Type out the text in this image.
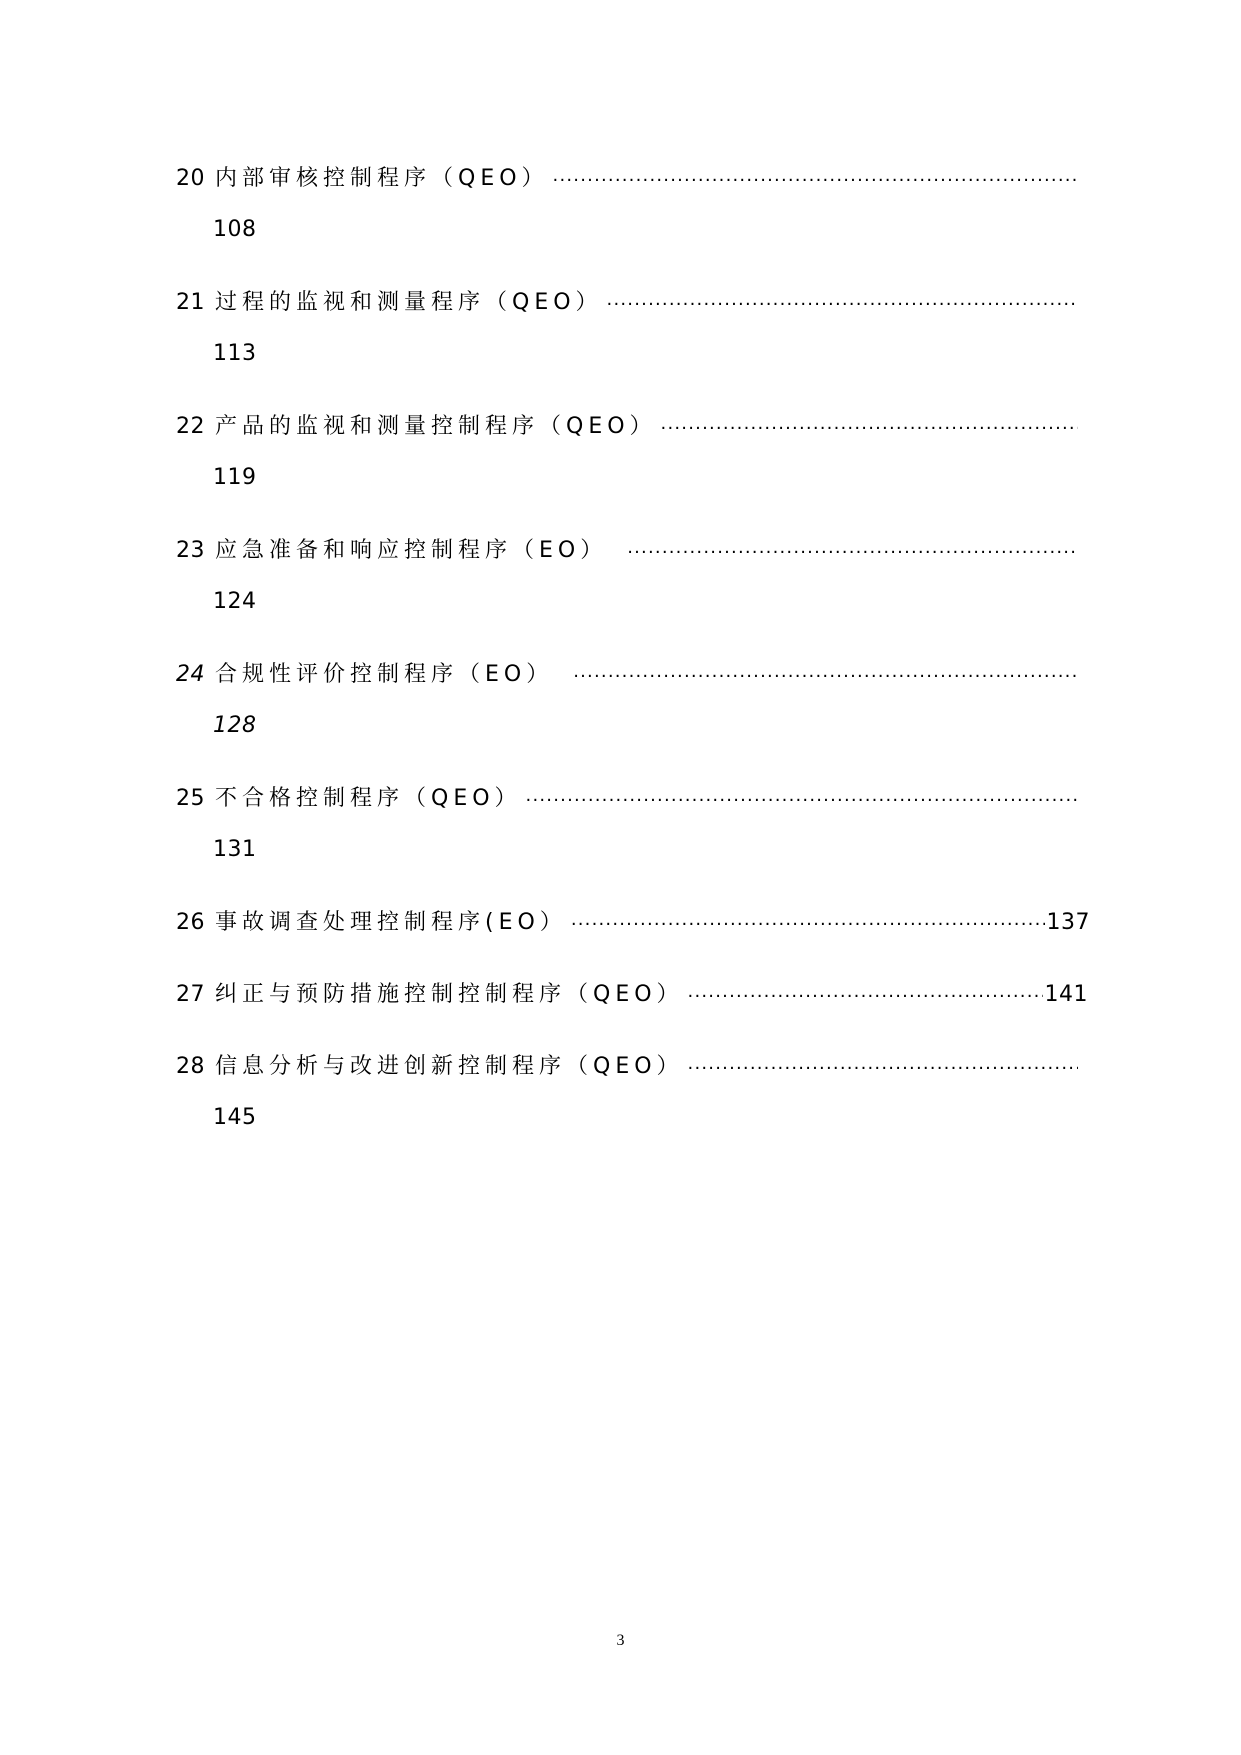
20 内部审核控制程序（QEO）
·····
108
21 过程的监视和测量程序（QEO）
·····
113
22 产品的监视和测量控制程序（QEO）
·····
119
23 应急准备和响应控制程序（EO）
·····
124
24 合规性评价控制程序（EO）
·····
128
25 不合格控制程序（QEO）
·····
131
26 事故调查处理控制程序(EO） ·····	137
27 纠正与预防措施控制控制程序（QEO） ·····	141
28 信息分析与改进创新控制程序（QEO）
·····
145
3
